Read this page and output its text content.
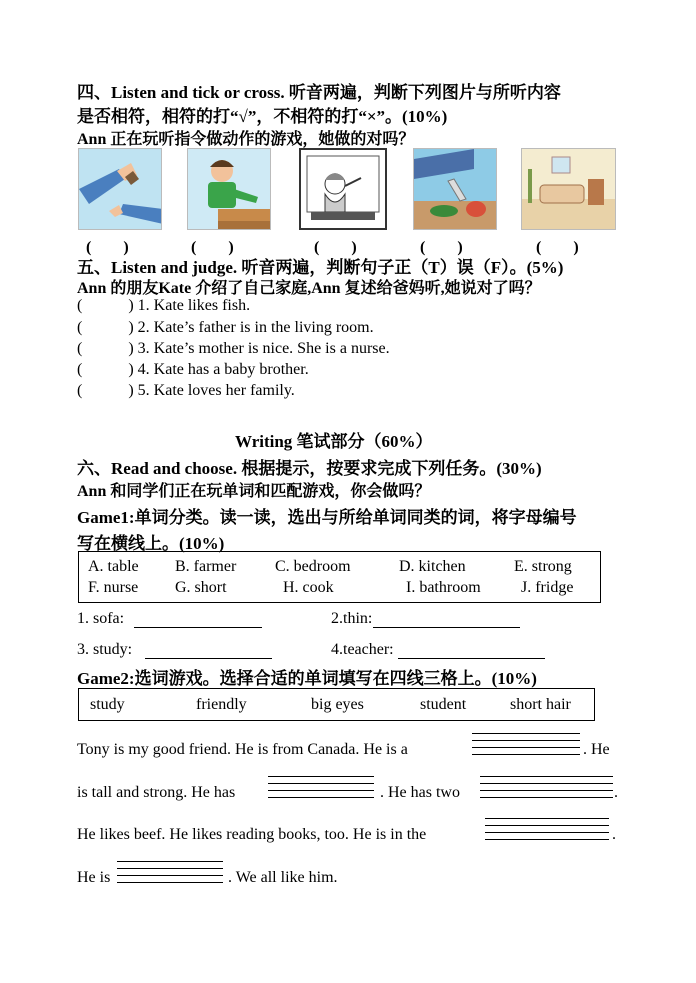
四、Listen and tick or cross. 听音两遍，判断下列图片与所听内容
是否相符，相符的打“√”，不相符的打“×”。(10%)
Ann 正在玩听指令做动作的游戏，她做的对吗？
(　　)	(　　)	(　　)	(　　)	(　　)
五、Listen and judge. 听音两遍，判断句子正（T）误（F）。(5%)
Ann 的朋友Kate 介绍了自己家庭,Ann 复述给爸妈听,她说对了吗？
(	) 1. Kate likes fish.
(	) 2. Kate’s father is in the living room.
(	) 3. Kate’s mother is nice. She is a nurse.
(	) 4. Kate has a baby brother.
(	) 5. Kate loves her family.
Writing 笔试部分（60%）
六、Read and choose. 根据提示，按要求完成下列任务。(30%)
Ann 和同学们正在玩单词和匹配游戏，你会做吗？
Game1:单词分类。读一读，选出与所给单词同类的词，将字母编号
写在横线上。(10%)
A. table B. farmer C. bedroom	D. kitchen	E. strong
F. nurse G. short	H. cook	I. bathroom	J. fridge
1. sofa:	2.thin:
3. study:	4.teacher:
Game2:选词游戏。选择合适的单词填写在四线三格上。(10%)
study	friendly	big eyes	student	short hair
Tony is my good friend. He is from Canada. He is a	. He
is tall and strong. He has	. He has two	.
He likes beef. He likes reading books, too. He is in the	.
He is	. We all like him.
